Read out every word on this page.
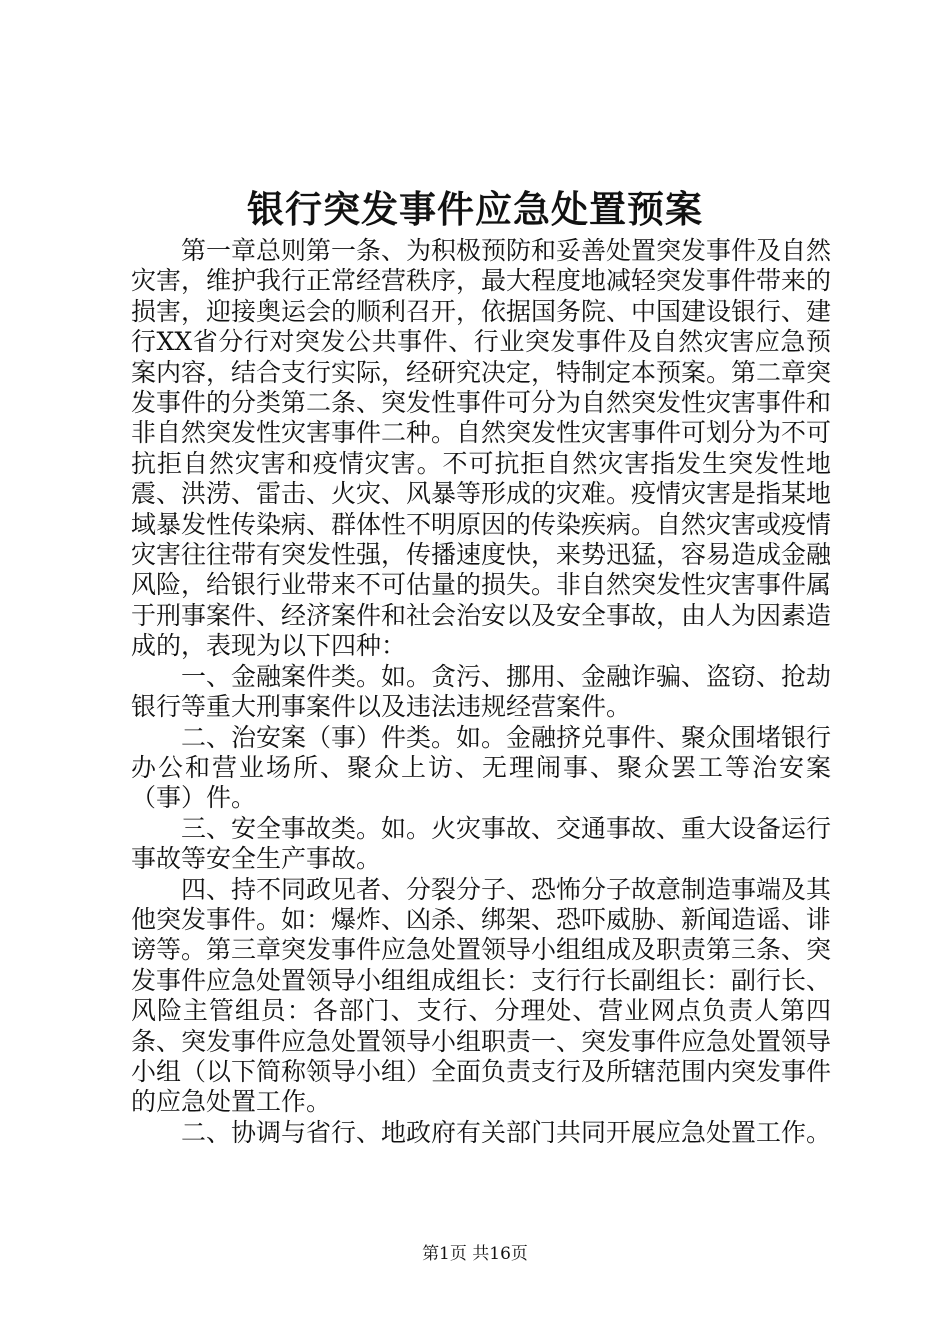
银行突发事件应急处置预案

第一章总则第一条、为积极预防和妥善处置突发事件及自然灾害，维护我行正常经营秩序，最大程度地减轻突发事件带来的损害，迎接奥运会的顺利召开，依据国务院、中国建设银行、建行XX省分行对突发公共事件、行业突发事件及自然灾害应急预案内容，结合支行实际，经研究决定，特制定本预案。第二章突发事件的分类第二条、突发性事件可分为自然突发性灾害事件和非自然突发性灾害事件二种。自然突发性灾害事件可划分为不可抗拒自然灾害和疫情灾害。不可抗拒自然灾害指发生突发性地震、洪涝、雷击、火灾、风暴等形成的灾难。疫情灾害是指某地域暴发性传染病、群体性不明原因的传染疾病。自然灾害或疫情灾害往往带有突发性强，传播速度快，来势迅猛，容易造成金融风险，给银行业带来不可估量的损失。非自然突发性灾害事件属于刑事案件、经济案件和社会治安以及安全事故，由人为因素造成的，表现为以下四种：

一、金融案件类。如。贪污、挪用、金融诈骗、盗窃、抢劫银行等重大刑事案件以及违法违规经营案件。

二、治安案（事）件类。如。金融挤兑事件、聚众围堵银行办公和营业场所、聚众上访、无理闹事、聚众罢工等治安案（事）件。

三、安全事故类。如。火灾事故、交通事故、重大设备运行事故等安全生产事故。

四、持不同政见者、分裂分子、恐怖分子故意制造事端及其他突发事件。如：爆炸、凶杀、绑架、恐吓威胁、新闻造谣、诽谤等。第三章突发事件应急处置领导小组组成及职责第三条、突发事件应急处置领导小组组成组长：支行行长副组长：副行长、风险主管组员：各部门、支行、分理处、营业网点负责人第四条、突发事件应急处置领导小组职责一、突发事件应急处置领导小组（以下简称领导小组）全面负责支行及所辖范围内突发事件的应急处置工作。

二、协调与省行、地政府有关部门共同开展应急处置工作。

第1页 共16页
